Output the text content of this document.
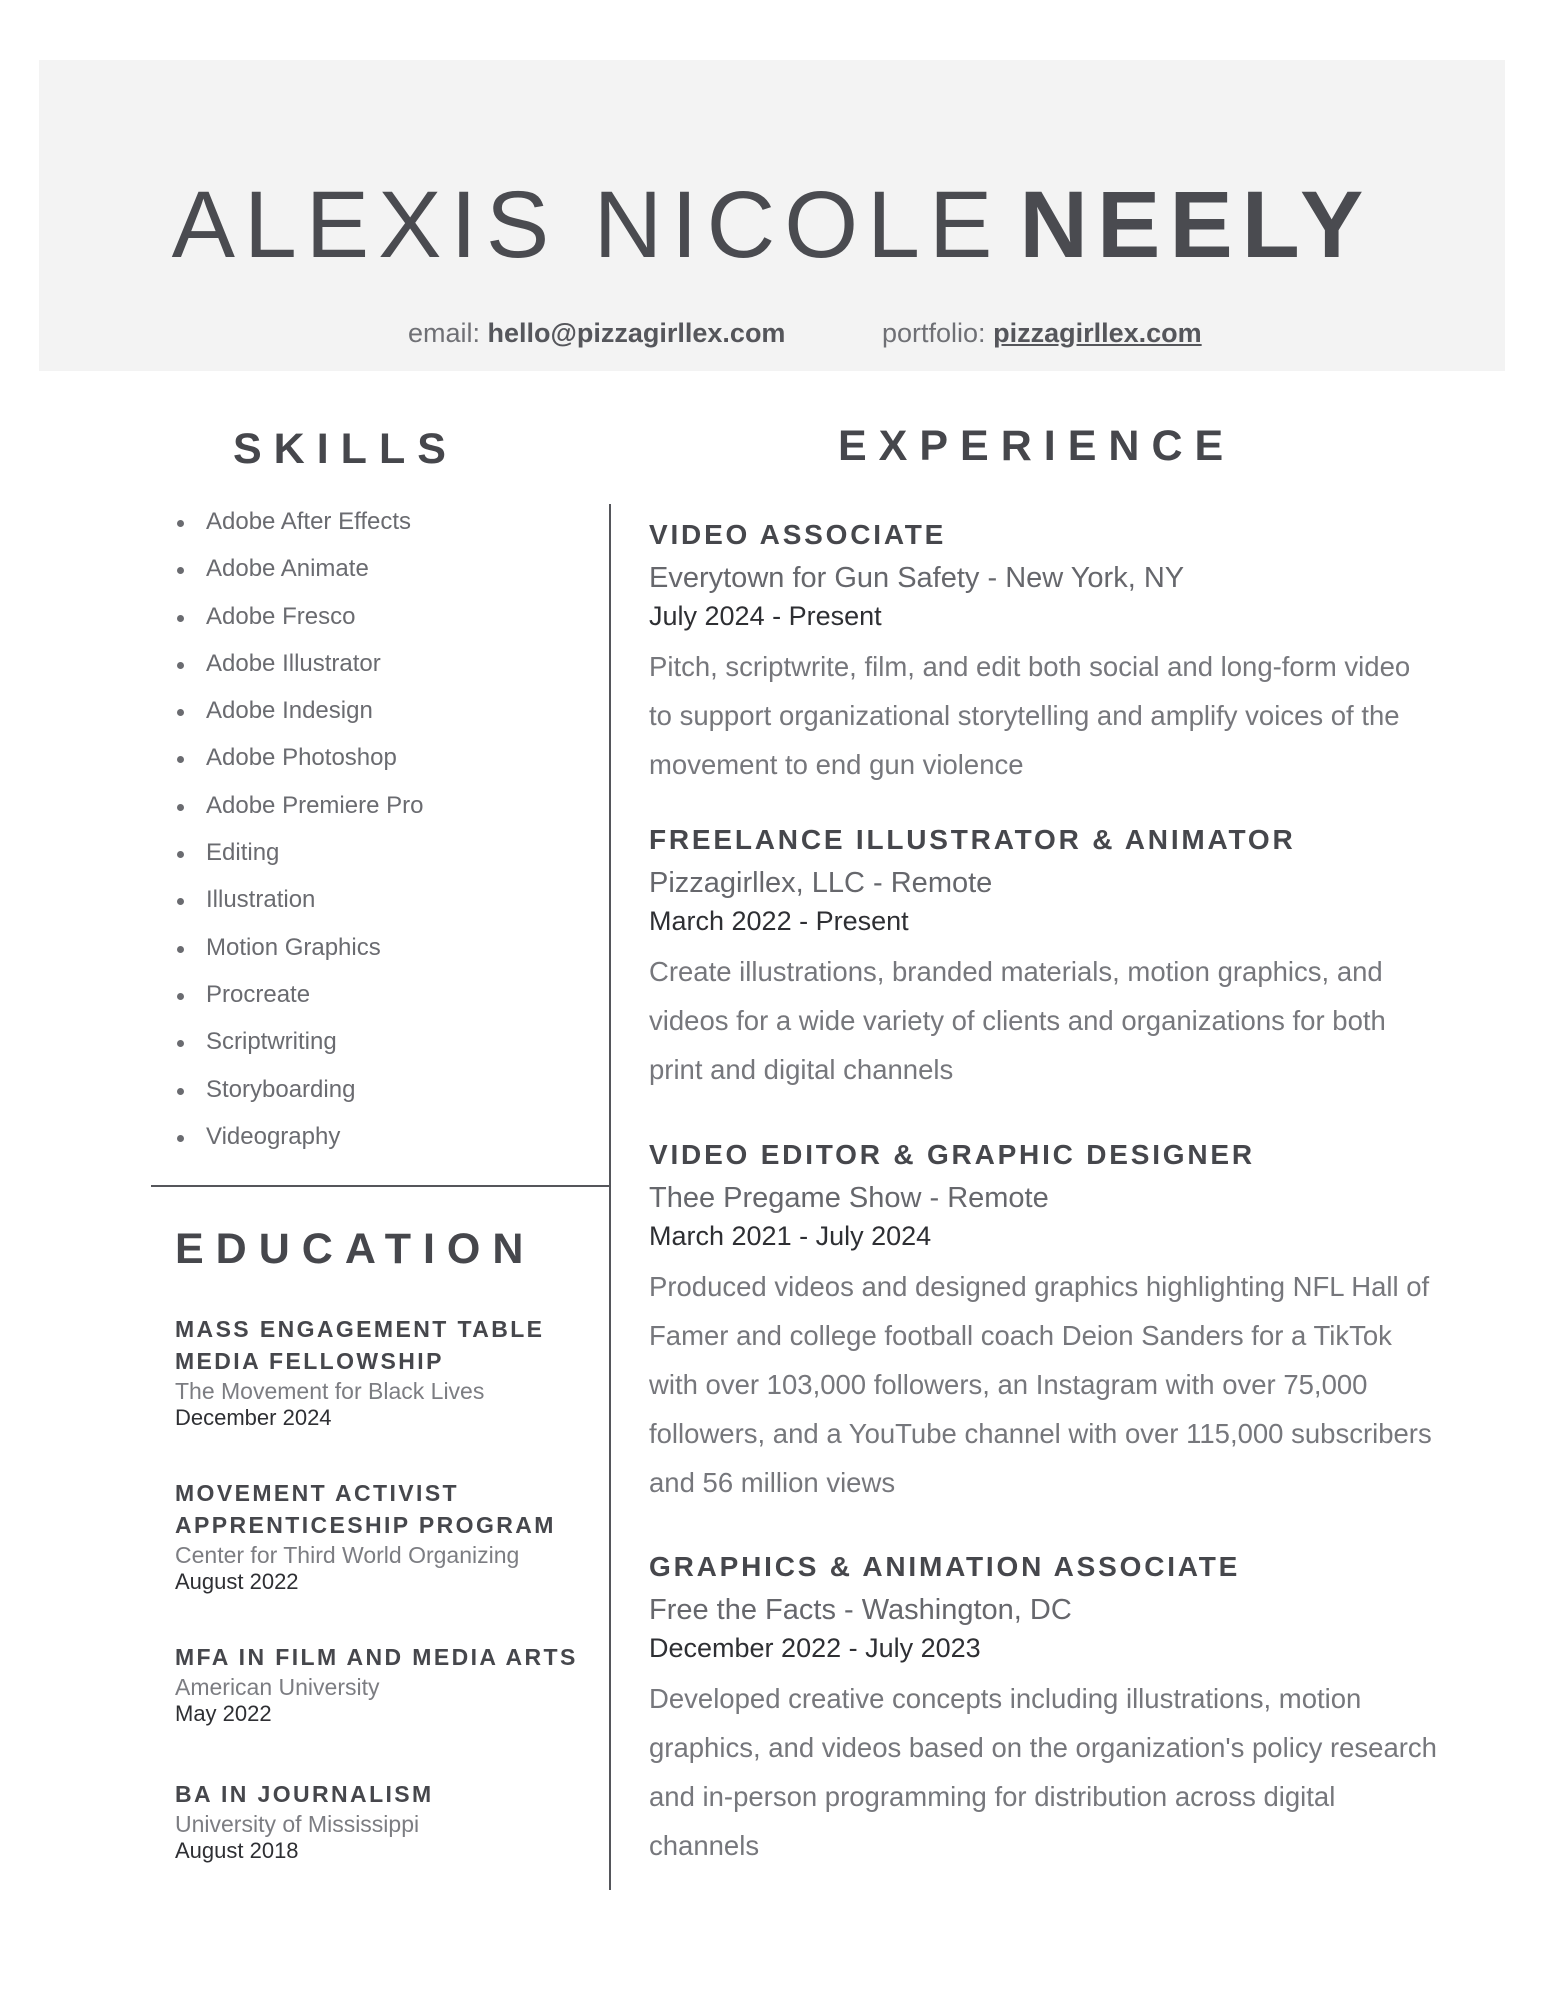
ALEXIS NICOLE NEELY
email: hello@pizzagirllex.com	portfolio: pizzagirllex.com
SKILLS	EXPERIENCE
Adobe After Effects
Adobe Animate
Adobe Fresco
Adobe Illustrator
Adobe Indesign
Adobe Photoshop
Adobe Premiere Pro
Editing
Illustration
Motion Graphics
Procreate
Scriptwriting
Storyboarding
Videography
EDUCATION
MASS ENGAGEMENT TABLE MEDIA FELLOWSHIP
The Movement for Black Lives
December 2024
MOVEMENT ACTIVIST APPRENTICESHIP PROGRAM
Center for Third World Organizing
August 2022
MFA IN FILM AND MEDIA ARTS
American University
May 2022
BA IN JOURNALISM
University of Mississippi
August 2018
VIDEO ASSOCIATE
Everytown for Gun Safety - New York, NY
July 2024 - Present
Pitch, scriptwrite, film, and edit both social and long-form video to support organizational storytelling and amplify voices of the movement to end gun violence
FREELANCE ILLUSTRATOR & ANIMATOR
Pizzagirllex, LLC - Remote
March 2022 - Present
Create illustrations, branded materials, motion graphics, and videos for a wide variety of clients and organizations for both print and digital channels
VIDEO EDITOR & GRAPHIC DESIGNER
Thee Pregame Show - Remote
March 2021 - July 2024
Produced videos and designed graphics highlighting NFL Hall of Famer and college football coach Deion Sanders for a TikTok with over 103,000 followers, an Instagram with over 75,000 followers, and a YouTube channel with over 115,000 subscribers and 56 million views
GRAPHICS & ANIMATION ASSOCIATE
Free the Facts - Washington, DC
December 2022 - July 2023
Developed creative concepts including illustrations, motion graphics, and videos based on the organization's policy research and in-person programming for distribution across digital channels
